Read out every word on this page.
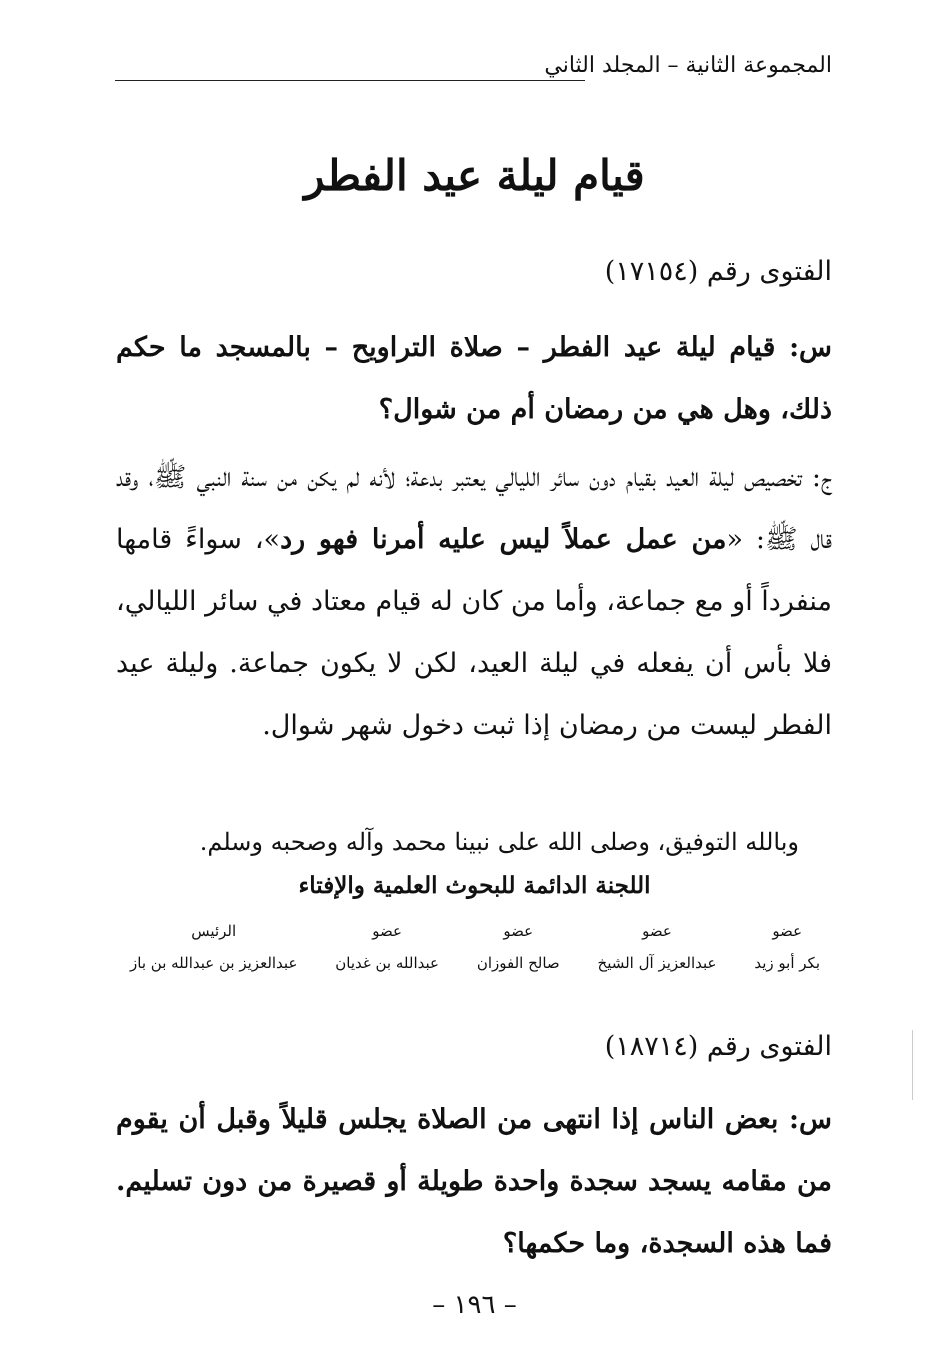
المجموعة الثانية – المجلد الثاني
قيام ليلة عيد الفطر
الفتوى رقم (١٧١٥٤)

س: قيام ليلة عيد الفطر – صلاة التراويح – بالمسجد ما حكم ذلك، وهل هي من رمضان أم من شوال؟

ج: تخصيص ليلة العيد بقيام دون سائر الليالي يعتبر بدعة؛ لأنه لم يكن من سنة النبي ﷺ، وقد قال ﷺ: «من عمل عملاً ليس عليه أمرنا فهو رد»، سواءً قامها منفرداً أو مع جماعة، وأما من كان له قيام معتاد في سائر الليالي، فلا بأس أن يفعله في ليلة العيد، لكن لا يكون جماعة. وليلة عيد الفطر ليست من رمضان إذا ثبت دخول شهر شوال.

وبالله التوفيق، وصلى الله على نبينا محمد وآله وصحبه وسلم.
اللجنة الدائمة للبحوث العلمية والإفتاء
عضو
بكر أبو زيد
عضو
عبدالعزيز آل الشيخ
عضو
صالح الفوزان
عضو
عبدالله بن غديان
الرئيس
عبدالعزيز بن عبدالله بن باز
الفتوى رقم (١٨٧١٤)

س: بعض الناس إذا انتهى من الصلاة يجلس قليلاً وقبل أن يقوم من مقامه يسجد سجدة واحدة طويلة أو قصيرة من دون تسليم. فما هذه السجدة، وما حكمها؟

– ١٩٦ –
